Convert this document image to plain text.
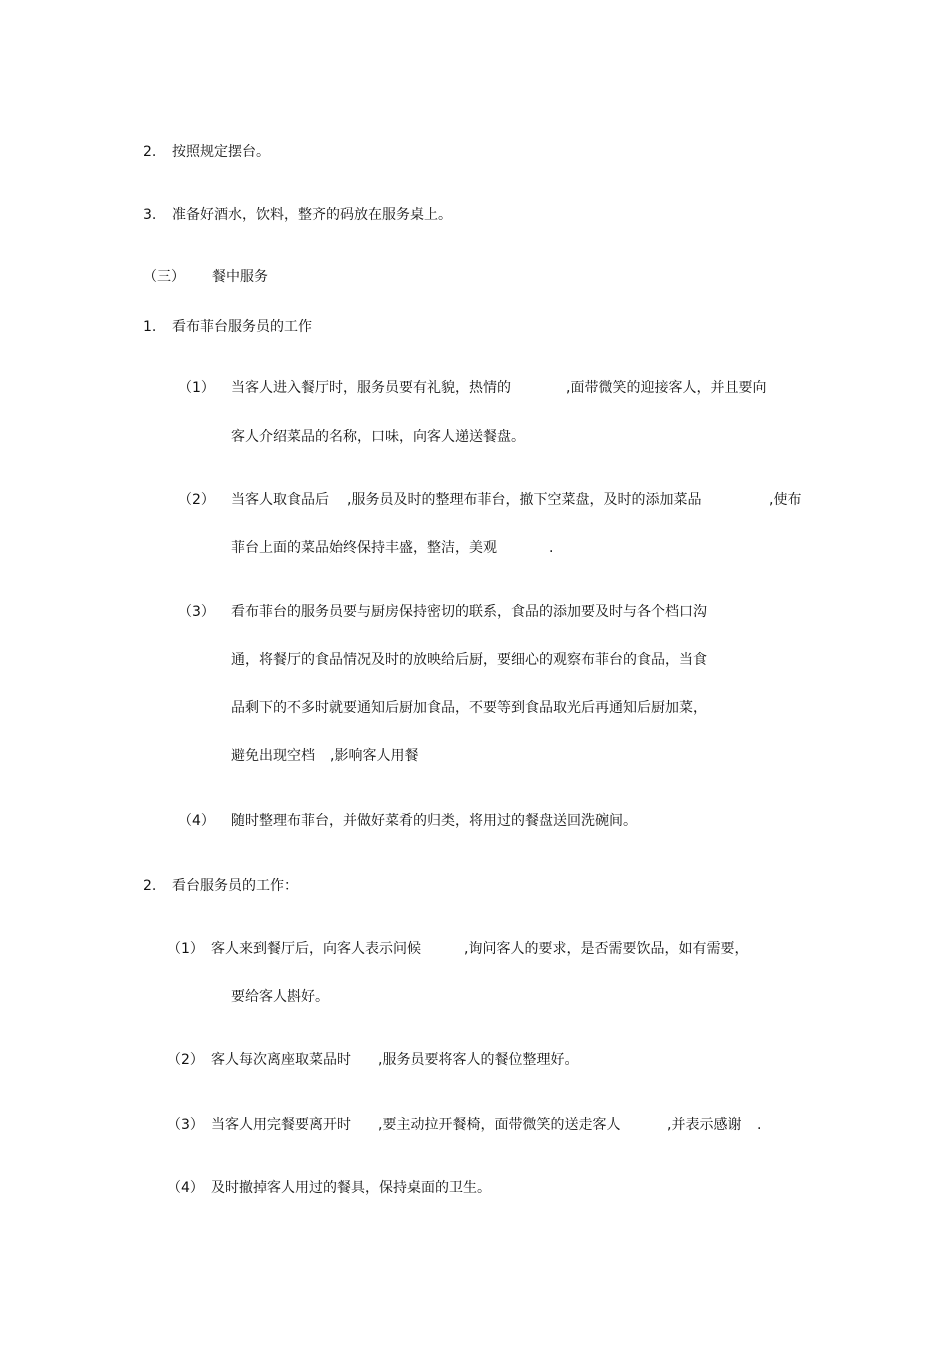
2. 按照规定摆台。
3. 准备好酒水，饮料，整齐的码放在服务桌上。
（三） 餐中服务
1. 看布菲台服务员的工作
（1） 当客人进入餐厅时，服务员要有礼貌，热情的	,面带微笑的迎接客人，并且要向
客人介绍菜品的名称，口味，向客人递送餐盘。
（2） 当客人取食品后 ,服务员及时的整理布菲台，撤下空菜盘，及时的添加菜品	,使布
菲台上面的菜品始终保持丰盛，整洁，美观	.
（3） 看布菲台的服务员要与厨房保持密切的联系，食品的添加要及时与各个档口沟
通，将餐厅的食品情况及时的放映给后厨，要细心的观察布菲台的食品，当食
品剩下的不多时就要通知后厨加食品，不要等到食品取光后再通知后厨加菜，
避免出现空档 ,影响客人用餐
（4） 随时整理布菲台，并做好菜肴的归类，将用过的餐盘送回洗碗间。
2. 看台服务员的工作：
（1） 客人来到餐厅后，向客人表示问候	,询问客人的要求，是否需要饮品，如有需要，
要给客人斟好。
（2） 客人每次离座取菜品时 ,服务员要将客人的餐位整理好。
（3） 当客人用完餐要离开时 ,要主动拉开餐椅，面带微笑的送走客人	,并表示感谢 .
（4） 及时撤掉客人用过的餐具，保持桌面的卫生。
